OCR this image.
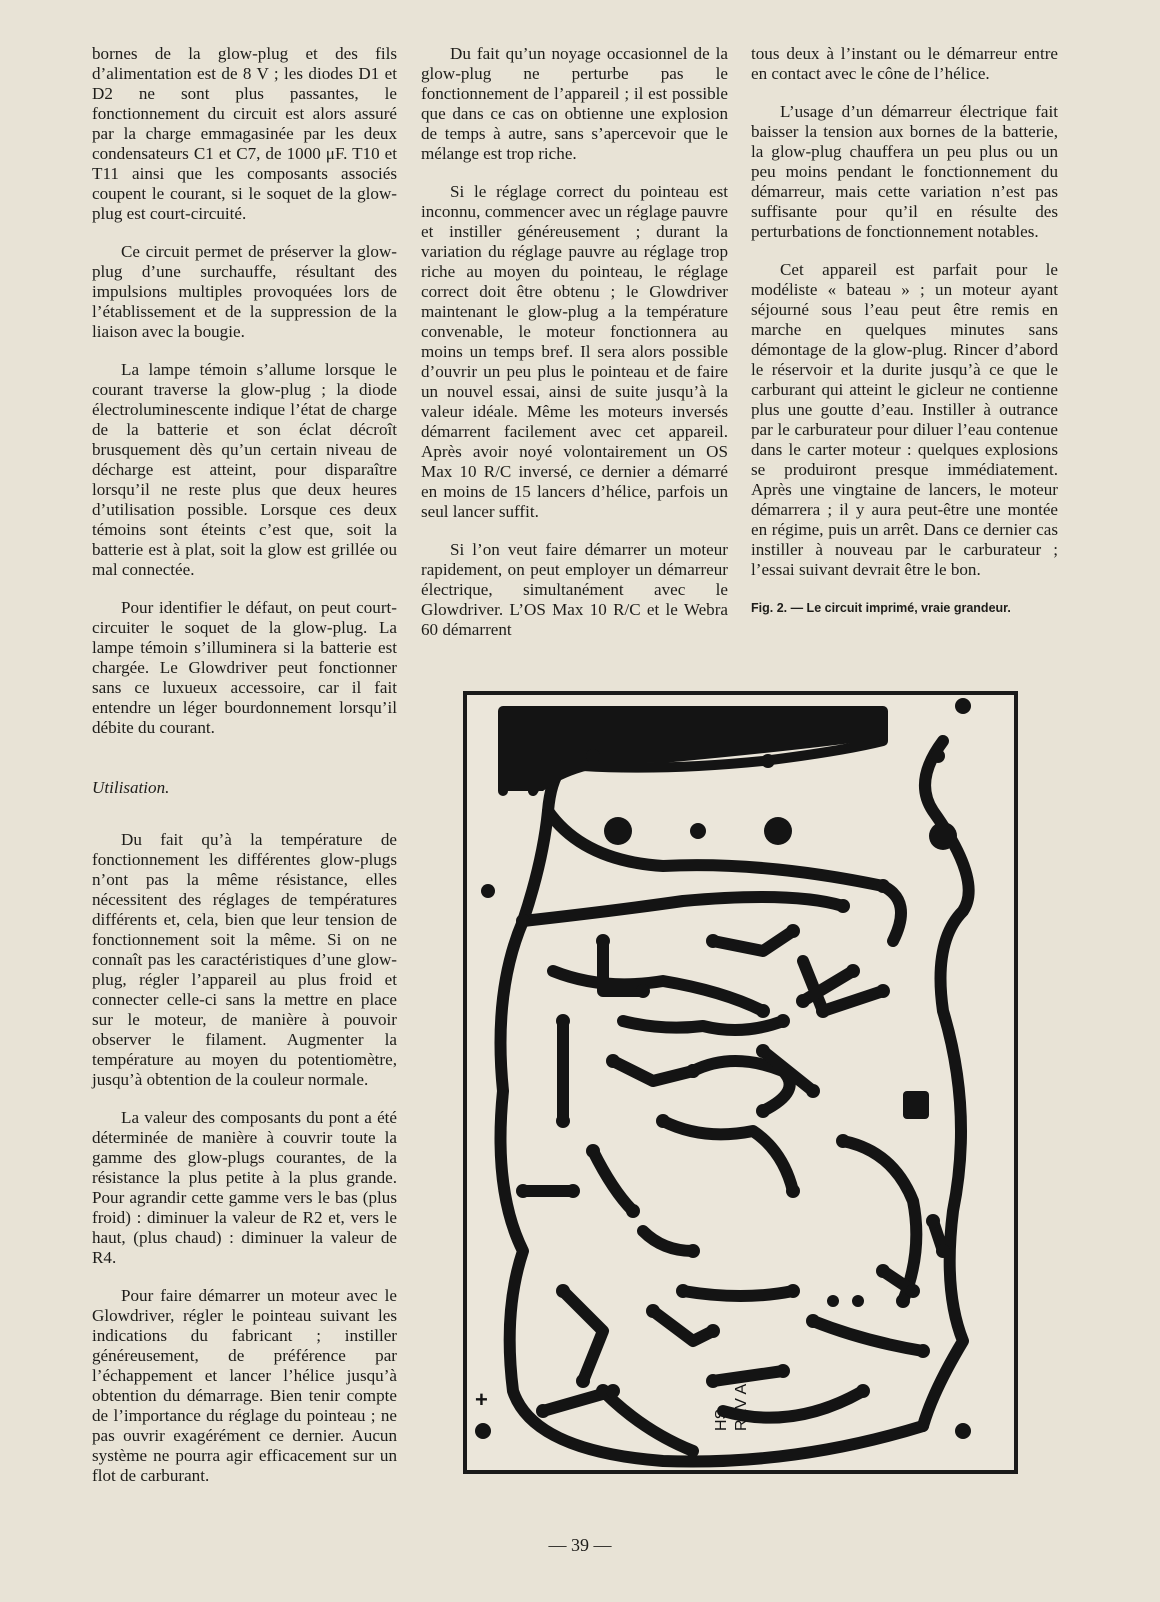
bornes de la glow-plug et des fils d’alimentation est de 8 V ; les diodes D1 et D2 ne sont plus passantes, le fonctionnement du circuit est alors assuré par la charge emmagasinée par les deux condensateurs C1 et C7, de 1000 μF. T10 et T11 ainsi que les composants associés coupent le courant, si le soquet de la glow-plug est court-circuité.

Ce circuit permet de préserver la glow-plug d’une surchauffe, résultant des impulsions multiples provoquées lors de l’établissement et de la suppression de la liaison avec la bougie.

La lampe témoin s’allume lorsque le courant traverse la glow-plug ; la diode électroluminescente indique l’état de charge de la batterie et son éclat décroît brusquement dès qu’un certain niveau de décharge est atteint, pour disparaître lorsqu’il ne reste plus que deux heures d’utilisation possible. Lorsque ces deux témoins sont éteints c’est que, soit la batterie est à plat, soit la glow est grillée ou mal connectée.

Pour identifier le défaut, on peut court-circuiter le soquet de la glow-plug. La lampe témoin s’illuminera si la batterie est chargée. Le Glowdriver peut fonctionner sans ce luxueux accessoire, car il fait entendre un léger bourdonnement lorsqu’il débite du courant.

Utilisation.

Du fait qu’à la température de fonctionnement les différentes glow-plugs n’ont pas la même résistance, elles nécessitent des réglages de températures différents et, cela, bien que leur tension de fonctionnement soit la même. Si on ne connaît pas les caractéristiques d’une glow-plug, régler l’appareil au plus froid et connecter celle-ci sans la mettre en place sur le moteur, de manière à pouvoir observer le filament. Augmenter la température au moyen du potentiomètre, jusqu’à obtention de la couleur normale.

La valeur des composants du pont a été déterminée de manière à couvrir toute la gamme des glow-plugs courantes, de la résistance la plus petite à la plus grande. Pour agrandir cette gamme vers le bas (plus froid) : diminuer la valeur de R2 et, vers le haut, (plus chaud) : diminuer la valeur de R4.

Pour faire démarrer un moteur avec le Glowdriver, régler le pointeau suivant les indications du fabricant ; instiller généreusement, de préférence par l’échappement et lancer l’hélice jusqu’à obtention du démarrage. Bien tenir compte de l’importance du réglage du pointeau ; ne pas ouvrir exagérément ce dernier. Aucun système ne pourra agir efficacement sur un flot de carburant.

Du fait qu’un noyage occasionnel de la glow-plug ne perturbe pas le fonctionnement de l’appareil ; il est possible que dans ce cas on obtienne une explosion de temps à autre, sans s’apercevoir que le mélange est trop riche.

Si le réglage correct du pointeau est inconnu, commencer avec un réglage pauvre et instiller généreusement ; durant la variation du réglage pauvre au réglage trop riche au moyen du pointeau, le réglage correct doit être obtenu ; le Glowdriver maintenant le glow-plug a la température convenable, le moteur fonctionnera au moins un temps bref. Il sera alors possible d’ouvrir un peu plus le pointeau et de faire un nouvel essai, ainsi de suite jusqu’à la valeur idéale. Même les moteurs inversés démarrent facilement avec cet appareil. Après avoir noyé volontairement un OS Max 10 R/C inversé, ce dernier a démarré en moins de 15 lancers d’hélice, parfois un seul lancer suffit.

Si l’on veut faire démarrer un moteur rapidement, on peut employer un démarreur électrique, simultanément avec le Glowdriver. L’OS Max 10 R/C et le Webra 60 démarrent

tous deux à l’instant ou le démarreur entre en contact avec le cône de l’hélice.

L’usage d’un démarreur électrique fait baisser la tension aux bornes de la batterie, la glow-plug chauffera un peu plus ou un peu moins pendant le fonctionnement du démarreur, mais cette variation n’est pas suffisante pour qu’il en résulte des perturbations de fonctionnement notables.

Cet appareil est parfait pour le modéliste « bateau » ; un moteur ayant séjourné sous l’eau peut être remis en marche en quelques minutes sans démontage de la glow-plug. Rincer d’abord le réservoir et la durite jusqu’à ce que le carburant qui atteint le gicleur ne contienne plus une goutte d’eau. Instiller à outrance par le carburateur pour diluer l’eau contenue dans le carter moteur : quelques explosions se produiront presque immédiatement. Après une vingtaine de lancers, le moteur démarrera ; il y aura peut-être une montée en régime, puis un arrêt. Dans ce dernier cas instiller à nouveau par le carburateur ; l’essai suivant devrait être le bon.

Fig. 2. — Le circuit imprimé, vraie grandeur.

+
HS REV A
— 39 —
